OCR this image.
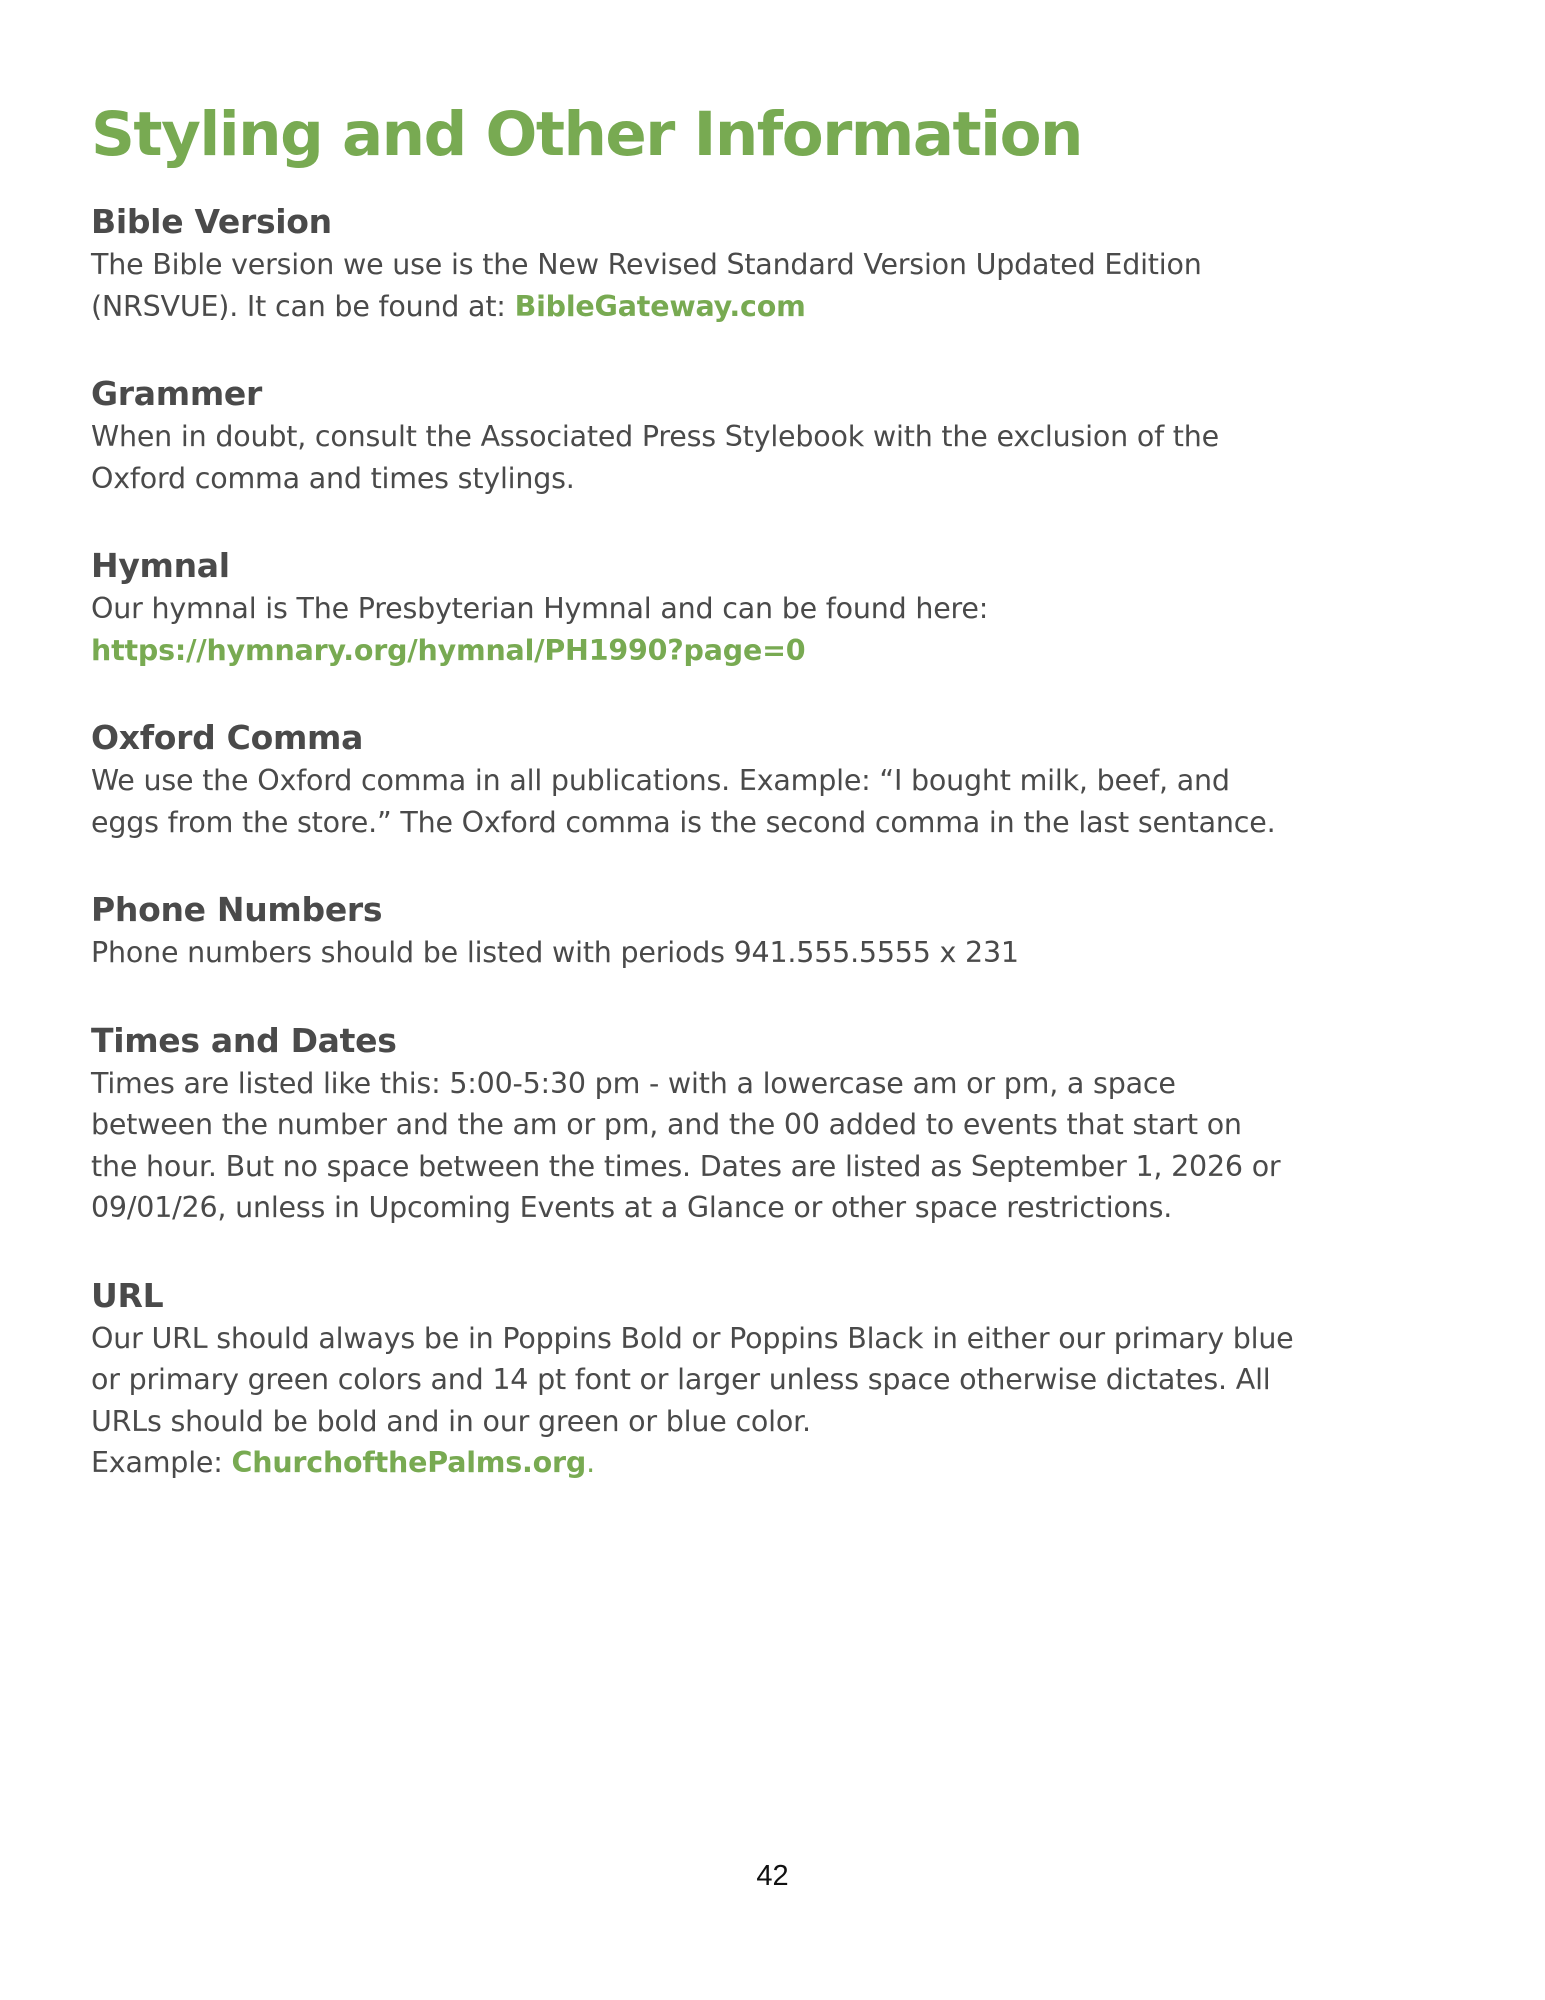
Styling and Other Information
Bible Version

The Bible version we use is the New Revised Standard Version Updated Edition
(NRSVUE). It can be found at: BibleGateway.com

Grammer

When in doubt, consult the Associated Press Stylebook with the exclusion of the
Oxford comma and times stylings.

Hymnal

Our hymnal is The Presbyterian Hymnal and can be found here:
https://hymnary.org/hymnal/PH1990?page=0

Oxford Comma

We use the Oxford comma in all publications. Example: “I bought milk, beef, and
eggs from the store.” The Oxford comma is the second comma in the last sentance.

Phone Numbers

Phone numbers should be listed with periods 941.555.5555 x 231

Times and Dates

Times are listed like this: 5:00-5:30 pm - with a lowercase am or pm, a space
between the number and the am or pm, and the 00 added to events that start on
the hour. But no space between the times. Dates are listed as September 1, 2026 or
09/01/26, unless in Upcoming Events at a Glance or other space restrictions.

URL

Our URL should always be in Poppins Bold or Poppins Black in either our primary blue
or primary green colors and 14 pt font or larger unless space otherwise dictates. All
URLs should be bold and in our green or blue color.
Example: ChurchofthePalms.org.

42
